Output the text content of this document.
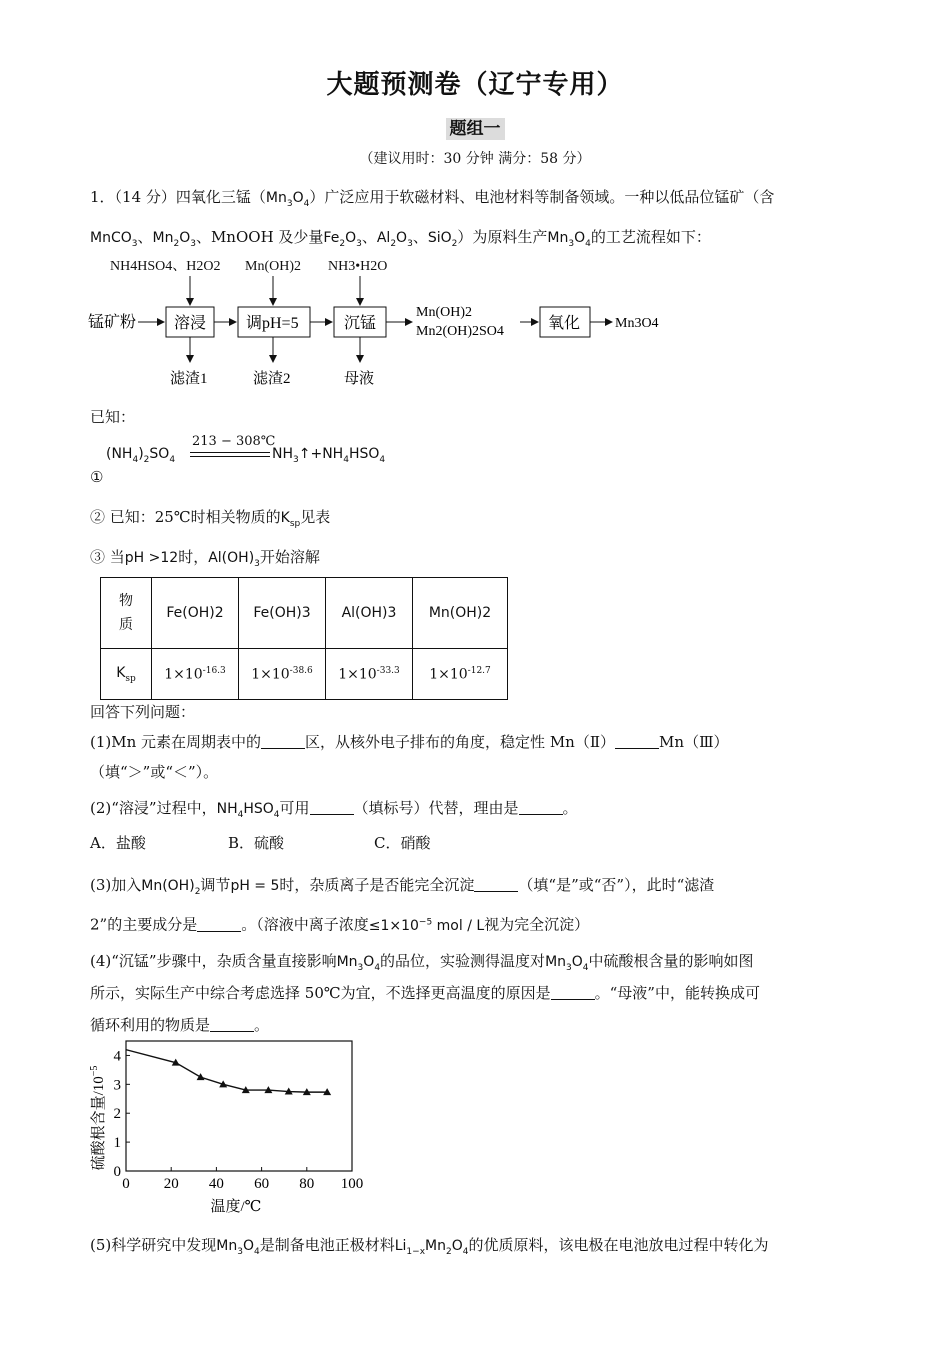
大题预测卷（辽宁专用）
题组一
（建议用时：30 分钟 满分：58 分）
1．（14 分）四氧化三锰$(Mn_3O_4)$广泛应用于软磁材料、电池材料等制备领域。一种以低品位锰矿（含
MnCO$_3$、$Mn_2O_3$、MnOOH 及少量$Fe_2O_3$、$Al_2O_3$、SiO$_2$）为原料生产$Mn_3O_4$的工艺流程如下：
NH4HSO4、H2O2 Mn(OH)2 NH3•H2O
锰矿粉 溶浸 调pH=5	沉锰
Mn(OH)2
Mn2(OH)2SO4	氧化 Mn3O4
滤渣1	滤渣2	母液
已知：
$(NH_4)_2SO_4$
213 − 308℃
$NH_3↑+NH_4HSO_4$
①
② 已知：25℃时相关物质的$K_{sp}$见表
③ 当pH >12时，$Al(OH)_3$开始溶解
物质	Fe(OH)2	Fe(OH)3	Al(OH)3	Mn(OH)2
$K_{sp}$	$1\times 10^{-16.3}$	$1\times 10^{-38.6}$	$1\times 10^{-33.3}$	$1\times 10^{-12.7}$
回答下列问题：
(1)Mn 元素在周期表中的	区，从核外电子排布的角度，稳定性 Mn（Ⅱ）	Mn（Ⅲ）
（填“＞”或“＜”）。
(2)“溶浸”过程中，$NH_4HSO_4$可用	（填标号）代替，理由是	。
A．盐酸	B．硫酸	C．硝酸
(3)加入$Mn(OH)_2$调节pH = 5时，杂质离子是否能完全沉淀	（填“是”或“否”），此时“滤渣
2”的主要成分是	。（溶液中离子浓度$\le 1\times 10^{-5}$ mol / L视为完全沉淀）
(4)“沉锰”步骤中，杂质含量直接影响$Mn_3O_4$的品位，实验测得温度对$Mn_3O_4$中硫酸根含量的影响如图
所示，实际生产中综合考虑选择 50℃为宜，不选择更高温度的原因是	。“母液”中，能转换成可
循环利用的物质是	。
0 20 40 60 80 100
0
1
2
3
4
温度/℃
硫酸根含量$/10^{-5}$
(5)科学研究中发现$Mn_3O_4$是制备电池正极材料$Li_{1-x}Mn_2O_4$的优质原料，该电极在电池放电过程中转化为
